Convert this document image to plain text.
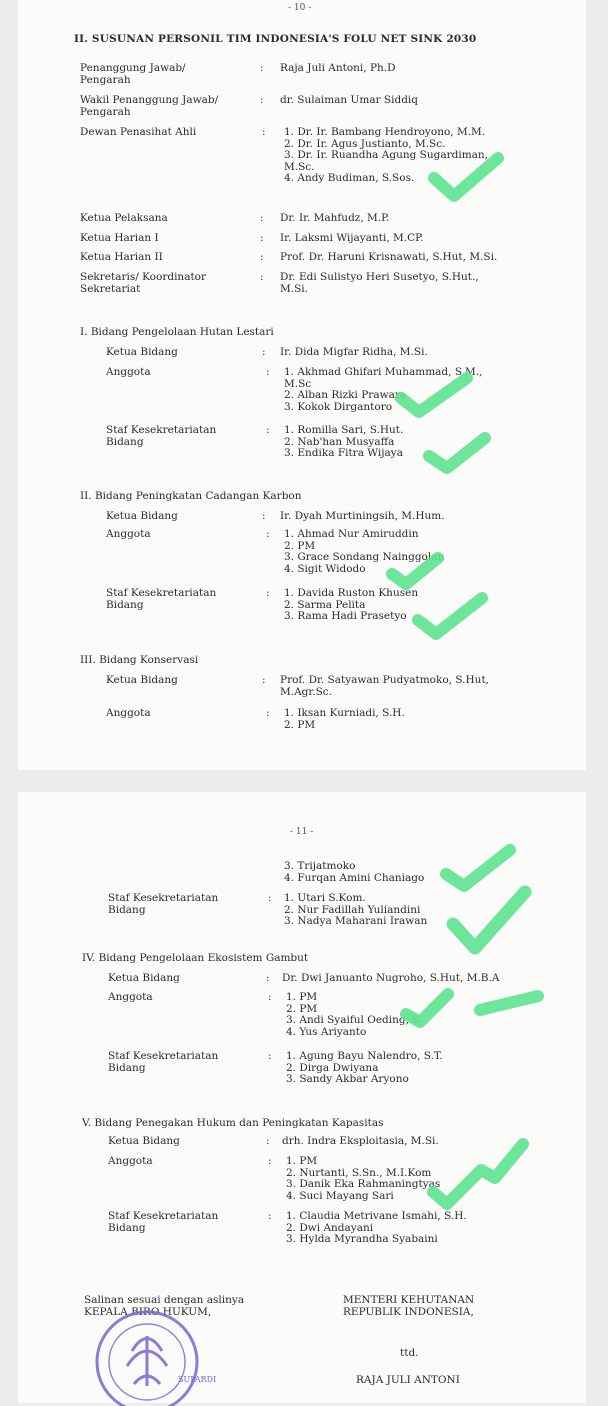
- 10 -
II. SUSUNAN PERSONIL TIM INDONESIA'S FOLU NET SINK 2030
Penanggung Jawab/
Pengarah
: Raja Juli Antoni, Ph.D
Wakil Penanggung Jawab/
Pengarah
: dr. Sulaiman Umar Siddiq
Dewan Penasihat Ahli	: 1. Dr. Ir. Bambang Hendroyono, M.M.
2. Dr. Ir. Agus Justianto, M.Sc.
3. Dr. Ir. Ruandha Agung Sugardiman,
M.Sc.
4. Andy Budiman, S.Sos.
Ketua Pelaksana	: Dr. Ir. Mahfudz, M.P.
Ketua Harian I	: Ir. Laksmi Wijayanti, M.CP.
Ketua Harian II	: Prof. Dr. Haruni Krisnawati, S.Hut, M.Si.
Sekretaris/ Koordinator
Sekretariat
: Dr. Edi Sulistyo Heri Susetyo, S.Hut.,
M.Si.
I. Bidang Pengelolaan Hutan Lestari
Ketua Bidang	: Ir. Dida Migfar Ridha, M.Si.
Anggota	: 1. Akhmad Ghifari Muhammad, S.M.,
M.Sc
2. Alban Rizki Prawara
3. Kokok Dirgantoro
Staf Kesekretariatan
Bidang
: 1. Romilla Sari, S.Hut.
2. Nab'han Musyaffa
3. Endika Fitra Wijaya
II. Bidang Peningkatan Cadangan Karbon
Ketua Bidang	: Ir. Dyah Murtiningsih, M.Hum.
Anggota	: 1. Ahmad Nur Amiruddin
2. PM
3. Grace Sondang Nainggolan
4. Sigit Widodo
Staf Kesekretariatan
Bidang
: 1. Davida Ruston Khusen
2. Sarma Pelita
3. Rama Hadi Prasetyo
III. Bidang Konservasi
Ketua Bidang	: Prof. Dr. Satyawan Pudyatmoko, S.Hut,
M.Agr.Sc.
Anggota	: 1. Iksan Kurniadi, S.H.
2. PM
- 11 -
3. Trijatmoko
4. Furqan Amini Chaniago
Staf Kesekretariatan
Bidang
: 1. Utari S.Kom.
2. Nur Fadillah Yuliandini
3. Nadya Maharani Irawan
IV. Bidang Pengelolaan Ekosistem Gambut
Ketua Bidang	: Dr. Dwi Januanto Nugroho, S.Hut, M.B.A
Anggota	: 1. PM
2. PM
3. Andi Syaiful Oeding, S.
4. Yus Ariyanto
Staf Kesekretariatan
Bidang
: 1. Agung Bayu Nalendro, S.T.
2. Dirga Dwiyana
3. Sandy Akbar Aryono
V. Bidang Penegakan Hukum dan Peningkatan Kapasitas
Ketua Bidang	: drh. Indra Eksploitasia, M.Si.
Anggota	: 1. PM
2. Nurtanti, S.Sn., M.I.Kom
3. Danik Eka Rahmaningtyas
4. Suci Mayang Sari
Staf Kesekretariatan
Bidang
: 1. Claudia Metrivane Ismahi, S.H.
2. Dwi Andayani
3. Hylda Myrandha Syabaini
Salinan sesuai dengan aslinya
KEPALA BIRO HUKUM,
MENTERI KEHUTANAN
REPUBLIK INDONESIA,
ttd.
RAJA JULI ANTONI
SUPARDI
